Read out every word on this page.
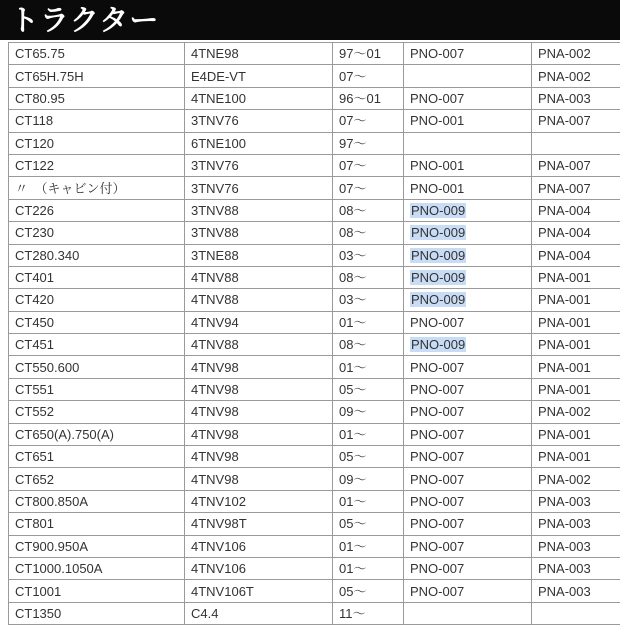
トラクター
CT65.75	4TNE98	97～01	PNO-007	PNA-002
CT65H.75H	E4DE-VT	07～		PNA-002
CT80.95	4TNE100	96～01	PNO-007	PNA-003
CT118	3TNV76	07～	PNO-001	PNA-007
CT120	6TNE100	97～		
CT122	3TNV76	07～	PNO-001	PNA-007
〃　（キャビン付）	3TNV76	07～	PNO-001	PNA-007
CT226	3TNV88	08～	PNO-009	PNA-004
CT230	3TNV88	08～	PNO-009	PNA-004
CT280.340	3TNE88	03～	PNO-009	PNA-004
CT401	4TNV88	08～	PNO-009	PNA-001
CT420	4TNV88	03～	PNO-009	PNA-001
CT450	4TNV94	01～	PNO-007	PNA-001
CT451	4TNV88	08～	PNO-009	PNA-001
CT550.600	4TNV98	01～	PNO-007	PNA-001
CT551	4TNV98	05～	PNO-007	PNA-001
CT552	4TNV98	09～	PNO-007	PNA-002
CT650(A).750(A)	4TNV98	01～	PNO-007	PNA-001
CT651	4TNV98	05～	PNO-007	PNA-001
CT652	4TNV98	09～	PNO-007	PNA-002
CT800.850A	4TNV102	01～	PNO-007	PNA-003
CT801	4TNV98T	05～	PNO-007	PNA-003
CT900.950A	4TNV106	01～	PNO-007	PNA-003
CT1000.1050A	4TNV106	01～	PNO-007	PNA-003
CT1001	4TNV106T	05～	PNO-007	PNA-003
CT1350	C4.4	11～		
